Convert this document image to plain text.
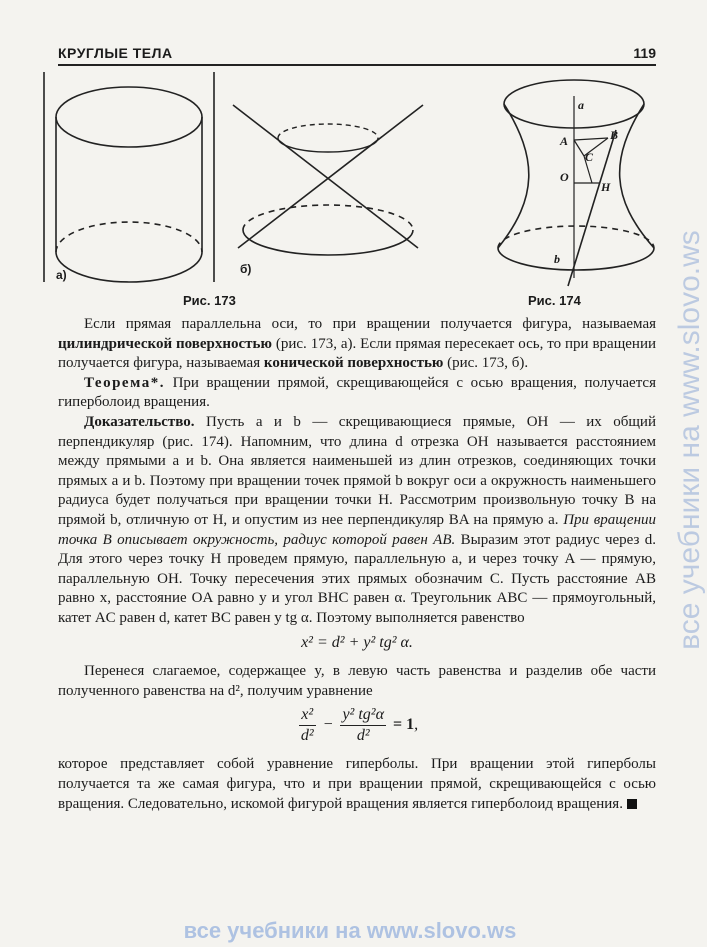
КРУГЛЫЕ ТЕЛА	119
а)	б)
Рис. 173
a
A	B
C
O
H
b
Рис. 174

Если прямая параллельна оси, то при вращении получается фигура, называемая цилиндрической поверхностью (рис. 173, а). Если прямая пересекает ось, то при вращении получается фигура, называемая конической поверхностью (рис. 173, б).

Теорема*. При вращении прямой, скрещивающейся с осью вращения, получается гиперболоид вращения.

Доказательство. Пусть a и b — скрещивающиеся прямые, OH — их общий перпендикуляр (рис. 174). Напомним, что длина d отрезка OH называется расстоянием между прямыми a и b. Она является наименьшей из длин отрезков, соединяющих точки прямых a и b. Поэтому при вращении точек прямой b вокруг оси a окружность наименьшего радиуса будет получаться при вращении точки H. Рассмотрим произвольную точку B на прямой b, отличную от H, и опустим из нее перпендикуляр BA на прямую a. При вращении точка B описывает окружность, радиус которой равен AB. Выразим этот радиус через d. Для этого через точку H проведем прямую, параллельную a, и через точку A — прямую, параллельную OH. Точку пересечения этих прямых обозначим C. Пусть расстояние AB равно x, расстояние OA равно y и угол BHC равен α. Треугольник ABC — прямоугольный, катет AC равен d, катет BC равен y tg α. Поэтому выполняется равенство

x² = d² + y² tg² α.

Перенеся слагаемое, содержащее y, в левую часть равенства и разделив обе части полученного равенства на d², получим уравнение

$\frac{\text{x²}}{\text{d²}} - \frac{\text{y² tg²α}}{\text{d²}} = 1$,

которое представляет собой уравнение гиперболы. При вращении этой гиперболы получается та же самая фигура, что и при вращении прямой, скрещивающейся с осью вращения. Следовательно, искомой фигурой вращения является гиперболоид вращения.

все учебники на www.slovo.ws
все учебники на www.slovo.ws
